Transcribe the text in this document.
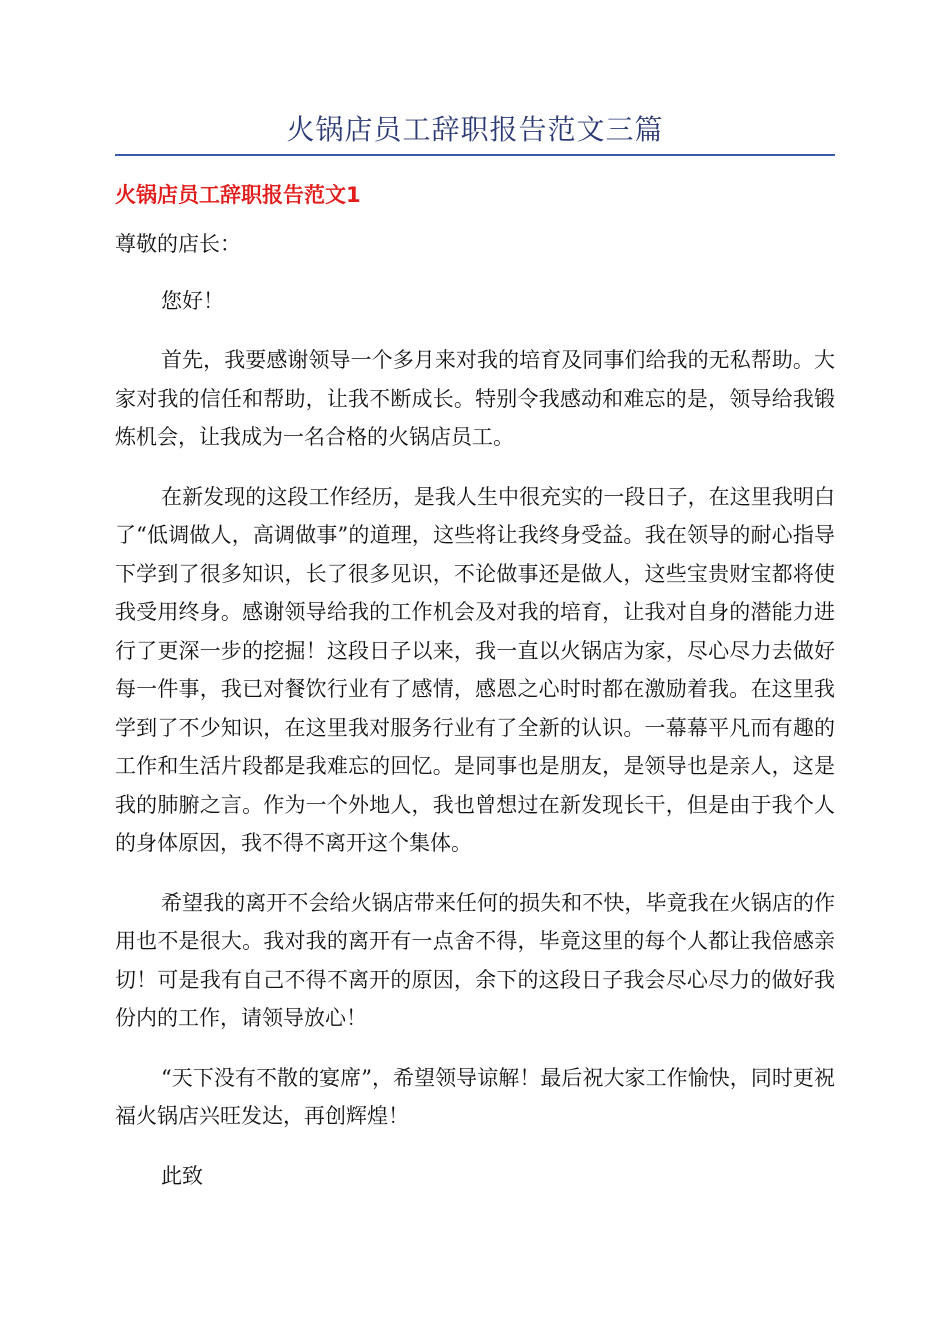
火锅店员工辞职报告范文三篇
火锅店员工辞职报告范文1

尊敬的店长：

您好！

首先，我要感谢领导一个多月来对我的培育及同事们给我的无私帮助。大家对我的信任和帮助，让我不断成长。特别令我感动和难忘的是，领导给我锻炼机会，让我成为一名合格的火锅店员工。

在新发现的这段工作经历，是我人生中很充实的一段日子，在这里我明白了“低调做人，高调做事”的道理，这些将让我终身受益。我在领导的耐心指导下学到了很多知识，长了很多见识，不论做事还是做人，这些宝贵财宝都将使我受用终身。感谢领导给我的工作机会及对我的培育，让我对自身的潜能力进行了更深一步的挖掘！这段日子以来，我一直以火锅店为家，尽心尽力去做好每一件事，我已对餐饮行业有了感情，感恩之心时时都在激励着我。在这里我学到了不少知识，在这里我对服务行业有了全新的认识。一幕幕平凡而有趣的工作和生活片段都是我难忘的回忆。是同事也是朋友，是领导也是亲人，这是我的肺腑之言。作为一个外地人，我也曾想过在新发现长干，但是由于我个人的身体原因，我不得不离开这个集体。

希望我的离开不会给火锅店带来任何的损失和不快，毕竟我在火锅店的作用也不是很大。我对我的离开有一点舍不得，毕竟这里的每个人都让我倍感亲切！可是我有自己不得不离开的原因，余下的这段日子我会尽心尽力的做好我份内的工作，请领导放心！

“天下没有不散的宴席”，希望领导谅解！最后祝大家工作愉快，同时更祝福火锅店兴旺发达，再创辉煌！

此致
